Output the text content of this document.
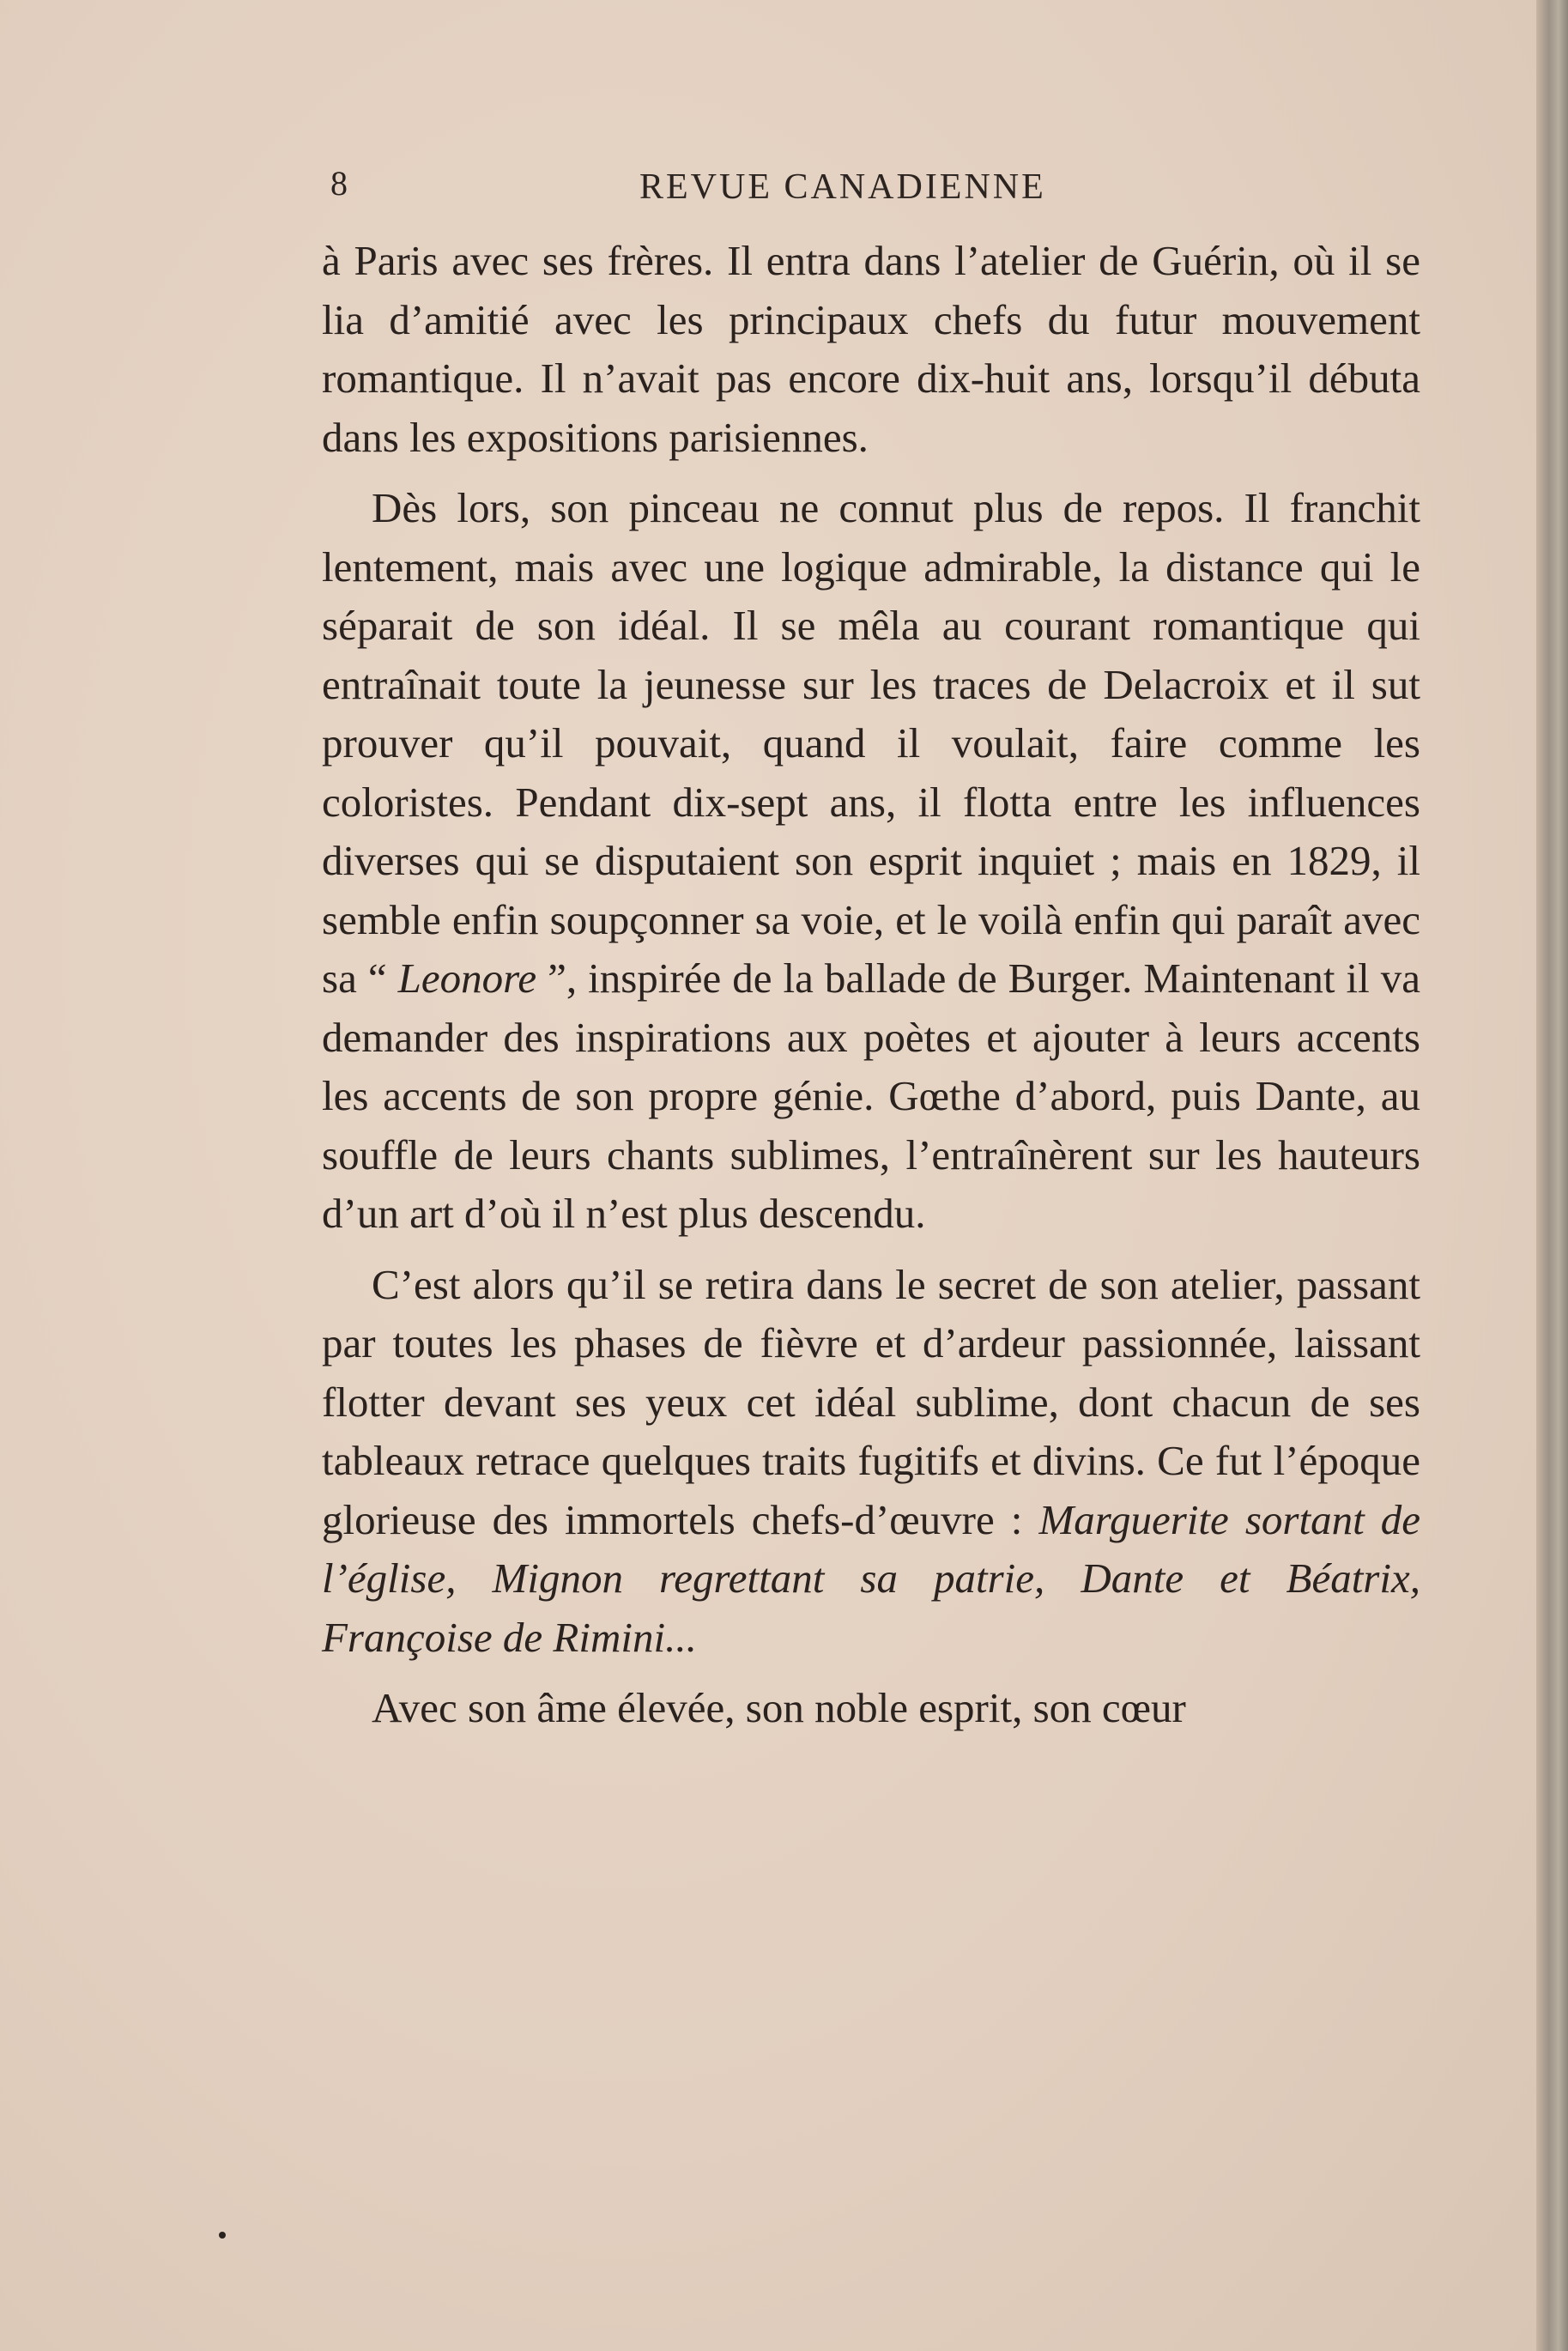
8	REVUE CANADIENNE

à Paris avec ses frères. Il entra dans l’atelier de Guérin, où il se lia d’amitié avec les principaux chefs du futur mouvement romantique. Il n’avait pas encore dix-huit ans, lorsqu’il débuta dans les expositions parisiennes.

Dès lors, son pinceau ne connut plus de repos. Il franchit lentement, mais avec une logique admirable, la distance qui le séparait de son idéal. Il se mêla au courant romantique qui entraînait toute la jeunesse sur les traces de Delacroix et il sut prouver qu’il pouvait, quand il voulait, faire comme les coloristes. Pendant dix-sept ans, il flotta entre les influences diverses qui se disputaient son esprit inquiet ; mais en 1829, il semble enfin soupçonner sa voie, et le voilà enfin qui paraît avec sa “ Leonore ”, inspirée de la ballade de Burger. Maintenant il va demander des inspirations aux poètes et ajouter à leurs accents les accents de son propre génie. Gœthe d’abord, puis Dante, au souffle de leurs chants sublimes, l’entraînèrent sur les hauteurs d’un art d’où il n’est plus descendu.

C’est alors qu’il se retira dans le secret de son atelier, passant par toutes les phases de fièvre et d’ardeur passionnée, laissant flotter devant ses yeux cet idéal sublime, dont chacun de ses tableaux retrace quelques traits fugitifs et divins. Ce fut l’époque glorieuse des immortels chefs-d’œuvre : Marguerite sortant de l’église, Mignon regrettant sa patrie, Dante et Béatrix, Françoise de Rimini...

Avec son âme élevée, son noble esprit, son cœur
